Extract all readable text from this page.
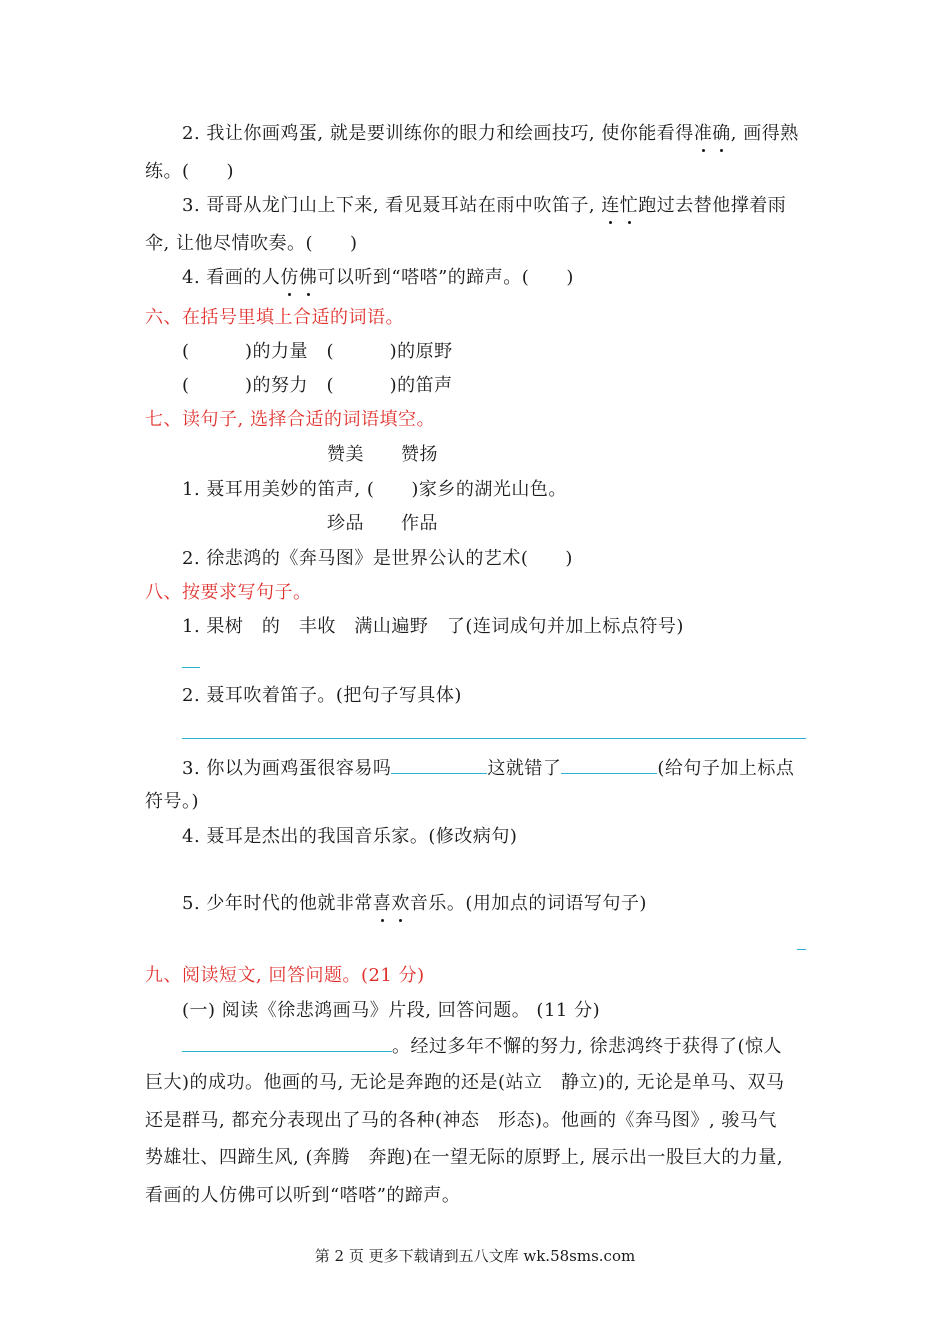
2. 我让你画鸡蛋, 就是要训练你的眼力和绘画技巧, 使你能看得准确, 画得熟
练。(　　)
3. 哥哥从龙门山上下来, 看见聂耳站在雨中吹笛子, 连忙跑过去替他撑着雨
伞, 让他尽情吹奏。(　　)
4. 看画的人仿佛可以听到“嗒嗒”的蹄声。(　　)
六、在括号里填上合适的词语。
(　　　)的力量　(　　　)的原野
(　　　)的努力　(　　　)的笛声
七、读句子, 选择合适的词语填空。
赞美　　赞扬
1. 聂耳用美妙的笛声, (　　)家乡的湖光山色。
珍品　　作品
2. 徐悲鸿的《奔马图》是世界公认的艺术(　　)
八、按要求写句子。
1. 果树　的　丰收　满山遍野　了(连词成句并加上标点符号)
2. 聂耳吹着笛子。(把句子写具体)
3. 你以为画鸡蛋很容易吗	这就错了	(给句子加上标点
符号。)
4. 聂耳是杰出的我国音乐家。(修改病句)
5. 少年时代的他就非常喜欢音乐。(用加点的词语写句子)
九、阅读短文, 回答问题。(21 分)
(一) 阅读《徐悲鸿画马》片段, 回答问题。 (11 分)
。经过多年不懈的努力, 徐悲鸿终于获得了(惊人
巨大)的成功。他画的马, 无论是奔跑的还是(站立　静立)的, 无论是单马、双马
还是群马, 都充分表现出了马的各种(神态　形态)。他画的《奔马图》, 骏马气
势雄壮、四蹄生风, (奔腾　奔跑)在一望无际的原野上, 展示出一股巨大的力量,
看画的人仿佛可以听到“嗒嗒”的蹄声。
第 2 页 更多下载请到五八文库 wk.58sms.com
